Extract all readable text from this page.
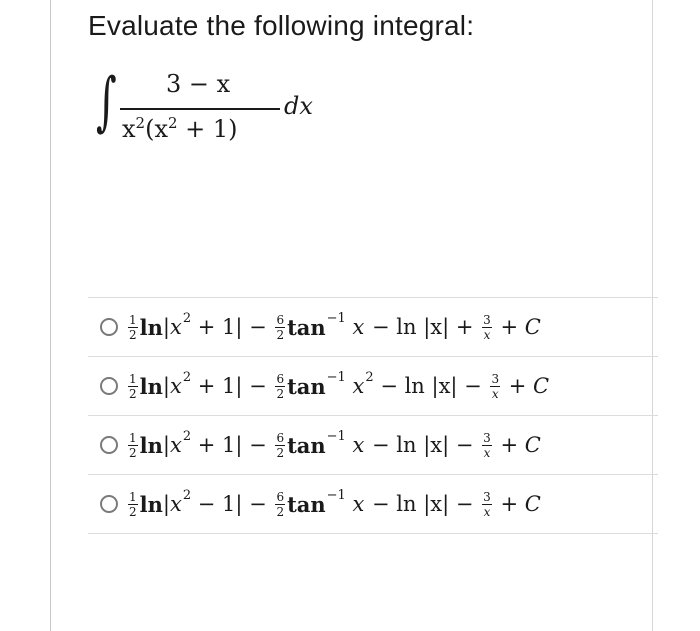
Evaluate the following integral:
∫ 3 − x
$x^2(x^2 + 1)$
dx
1
2 ln |x $2 + 1| - \frac{6}{2}$ tan −1 $x - \ln |x| + \frac{3}{x} + C$
1
2 ln |x $2 + 1| - \frac{6}{2}$ tan −1 x $2 - \ln |x| - \frac{3}{x} + C$
1
2 ln |x $2 + 1| - \frac{6}{2}$ tan −1 $x - \ln |x| - \frac{3}{x} + C$
1
2 ln |x $2 - 1| - \frac{6}{2}$ tan −1 $x - \ln |x| - \frac{3}{x} + C$
